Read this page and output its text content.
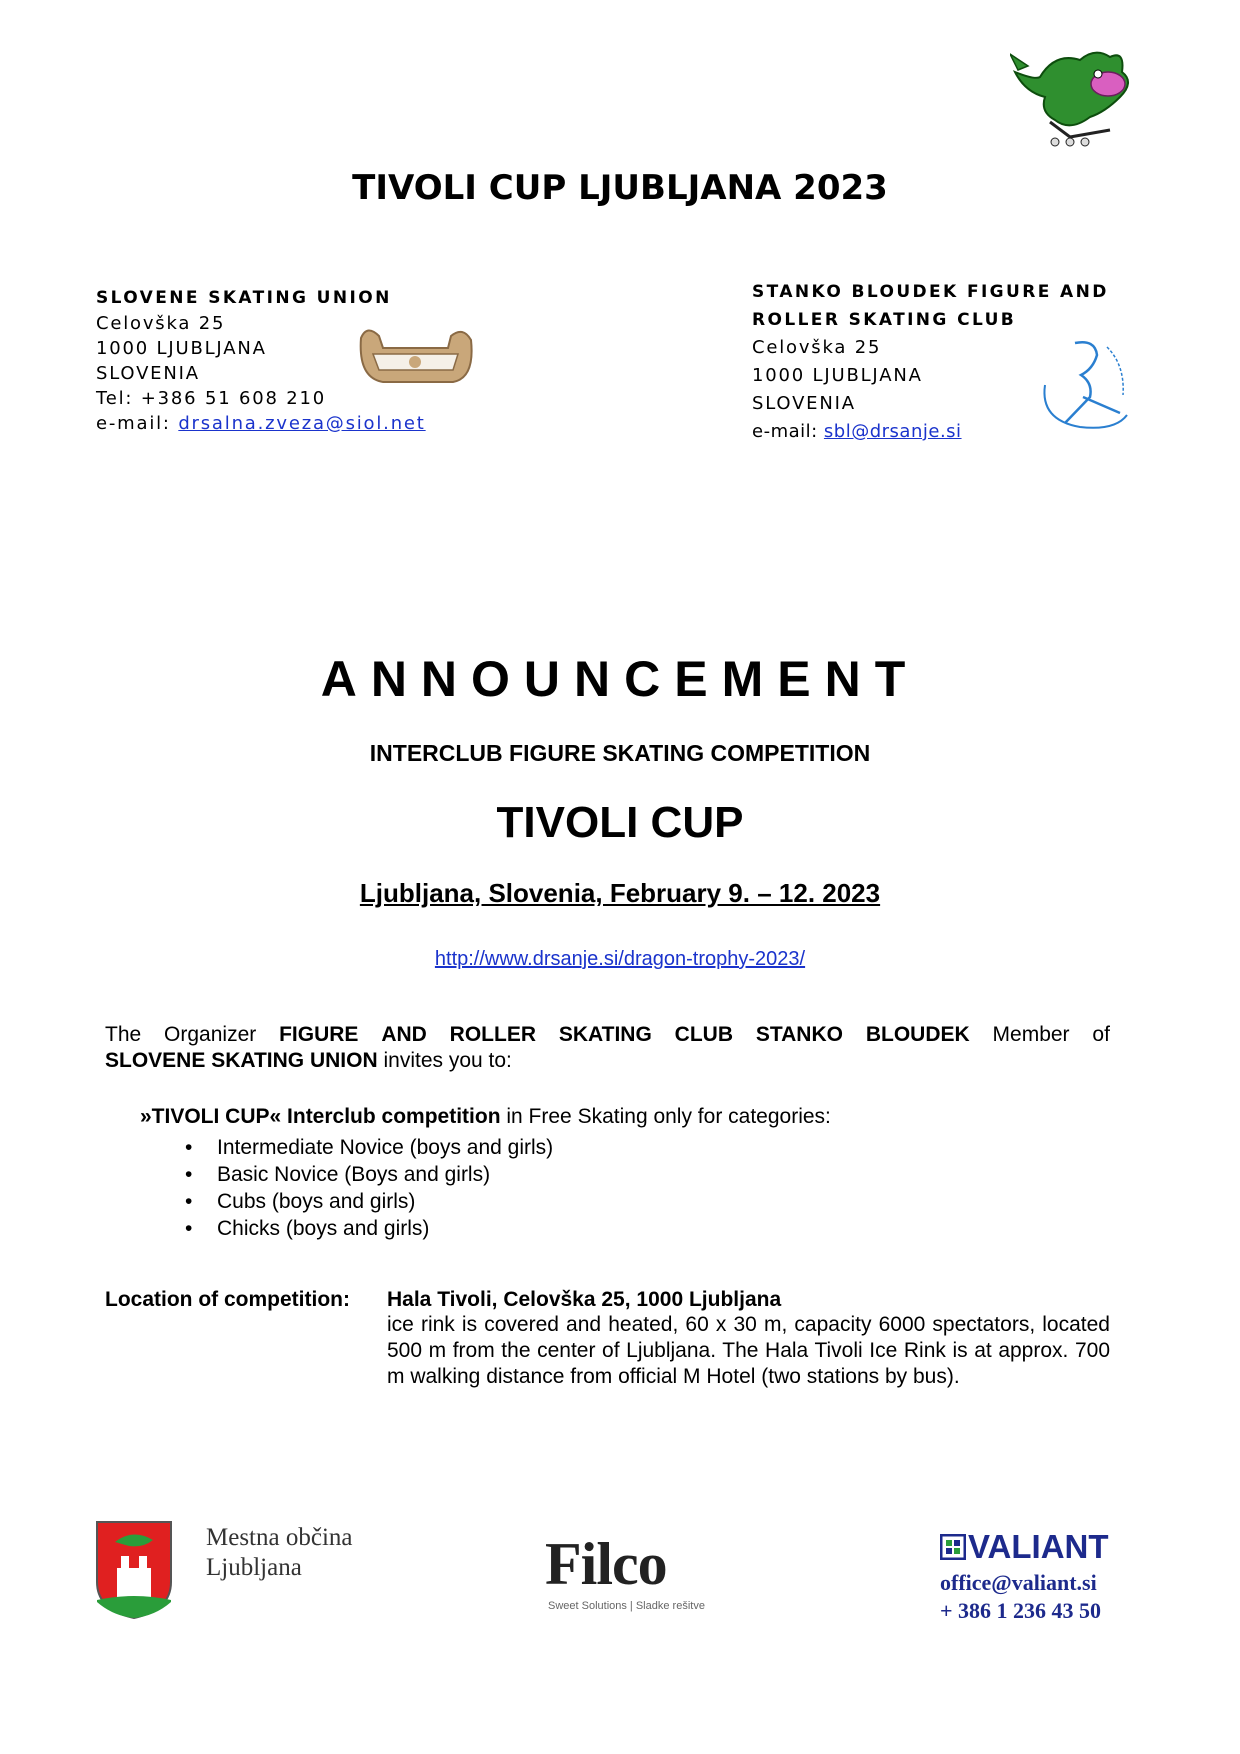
TIVOLI CUP LJUBLJANA 2023
SLOVENE SKATING UNION
Celovška 25
1000 LJUBLJANA
SLOVENIA
Tel: +386 51 608 210
e-mail: drsalna.zveza@siol.net
STANKO BLOUDEK FIGURE AND
ROLLER SKATING CLUB
Celovška 25
1000 LJUBLJANA
SLOVENIA
e-mail: sbl@drsanje.si
ANNOUNCEMENT
INTERCLUB FIGURE SKATING COMPETITION
TIVOLI CUP
Ljubljana, Slovenia, February 9. – 12. 2023
http://www.drsanje.si/dragon-trophy-2023/
The Organizer FIGURE AND ROLLER SKATING CLUB STANKO BLOUDEK Member of
SLOVENE SKATING UNION invites you to:
»TIVOLI CUP« Interclub competition in Free Skating only for categories:
• Intermediate Novice (boys and girls)
• Basic Novice (Boys and girls)
• Cubs (boys and girls)
• Chicks (boys and girls)
Location of competition: Hala Tivoli, Celovška 25, 1000 Ljubljana
ice rink is covered and heated, 60 x 30 m, capacity 6000 spectators, located 500 m from the center of Ljubljana. The Hala Tivoli Ice Rink is at approx. 700 m walking distance from official M Hotel (two stations by bus).
Mestna občina
Ljubljana	Filco
Sweet Solutions | Sladke rešitve
VALIANT
office@valiant.si
+ 386 1 236 43 50
